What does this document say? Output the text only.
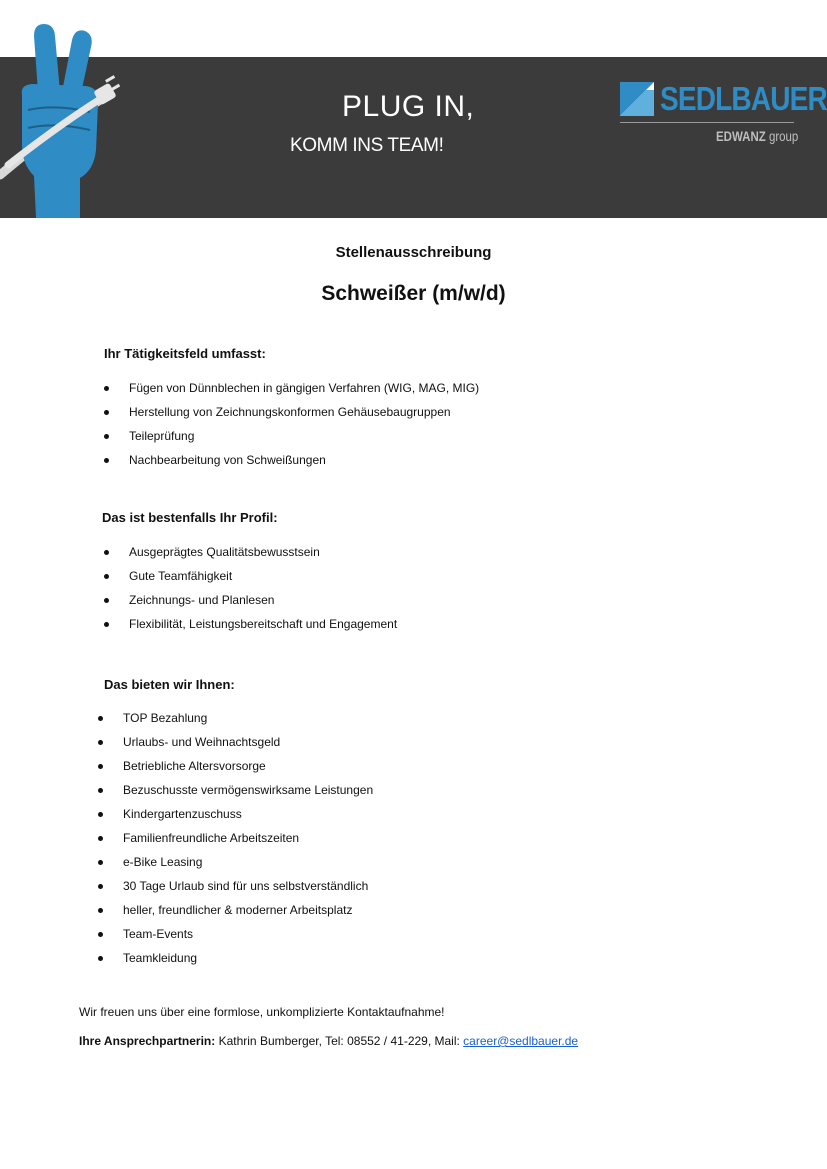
PLUG IN,
KOMM INS TEAM!
SEDLBAUER
EDWANZ group
Stellenausschreibung
Schweißer (m/w/d)
Ihr Tätigkeitsfeld umfasst:
Fügen von Dünnblechen in gängigen Verfahren (WIG, MAG, MIG)
Herstellung von Zeichnungskonformen Gehäusebaugruppen
Teileprüfung
Nachbearbeitung von Schweißungen
Das ist bestenfalls Ihr Profil:
Ausgeprägtes Qualitätsbewusstsein
Gute Teamfähigkeit
Zeichnungs- und Planlesen
Flexibilität, Leistungsbereitschaft und Engagement
Das bieten wir Ihnen:
TOP Bezahlung
Urlaubs- und Weihnachtsgeld
Betriebliche Altersvorsorge
Bezuschusste vermögenswirksame Leistungen
Kindergartenzuschuss
Familienfreundliche Arbeitszeiten
e-Bike Leasing
30 Tage Urlaub sind für uns selbstverständlich
heller, freundlicher & moderner Arbeitsplatz
Team-Events
Teamkleidung
Wir freuen uns über eine formlose, unkomplizierte Kontaktaufnahme!
Ihre Ansprechpartnerin: Kathrin Bumberger, Tel: 08552 / 41-229, Mail: career@sedlbauer.de
